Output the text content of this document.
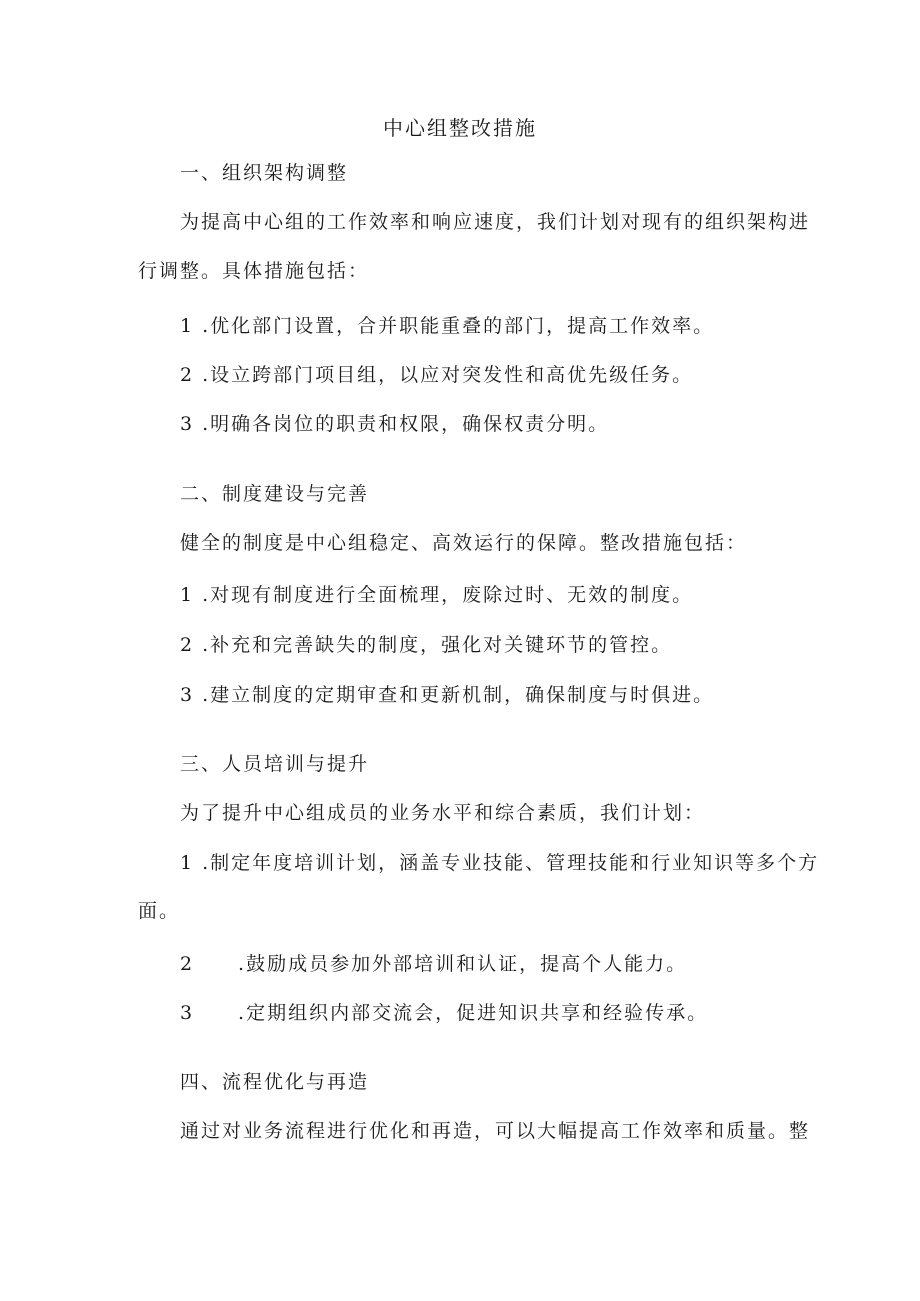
中心组整改措施
一、组织架构调整
为提高中心组的工作效率和响应速度，我们计划对现有的组织架构进
行调整。具体措施包括：
1 .优化部门设置，合并职能重叠的部门，提高工作效率。
2 .设立跨部门项目组，以应对突发性和高优先级任务。
3 .明确各岗位的职责和权限，确保权责分明。
二、制度建设与完善
健全的制度是中心组稳定、高效运行的保障。整改措施包括：
1 .对现有制度进行全面梳理，废除过时、无效的制度。
2 .补充和完善缺失的制度，强化对关键环节的管控。
3 .建立制度的定期审查和更新机制，确保制度与时俱进。
三、人员培训与提升
为了提升中心组成员的业务水平和综合素质，我们计划：
1 .制定年度培训计划，涵盖专业技能、管理技能和行业知识等多个方
面。
2 .鼓励成员参加外部培训和认证，提高个人能力。
3 .定期组织内部交流会，促进知识共享和经验传承。
四、流程优化与再造
通过对业务流程进行优化和再造，可以大幅提高工作效率和质量。整
